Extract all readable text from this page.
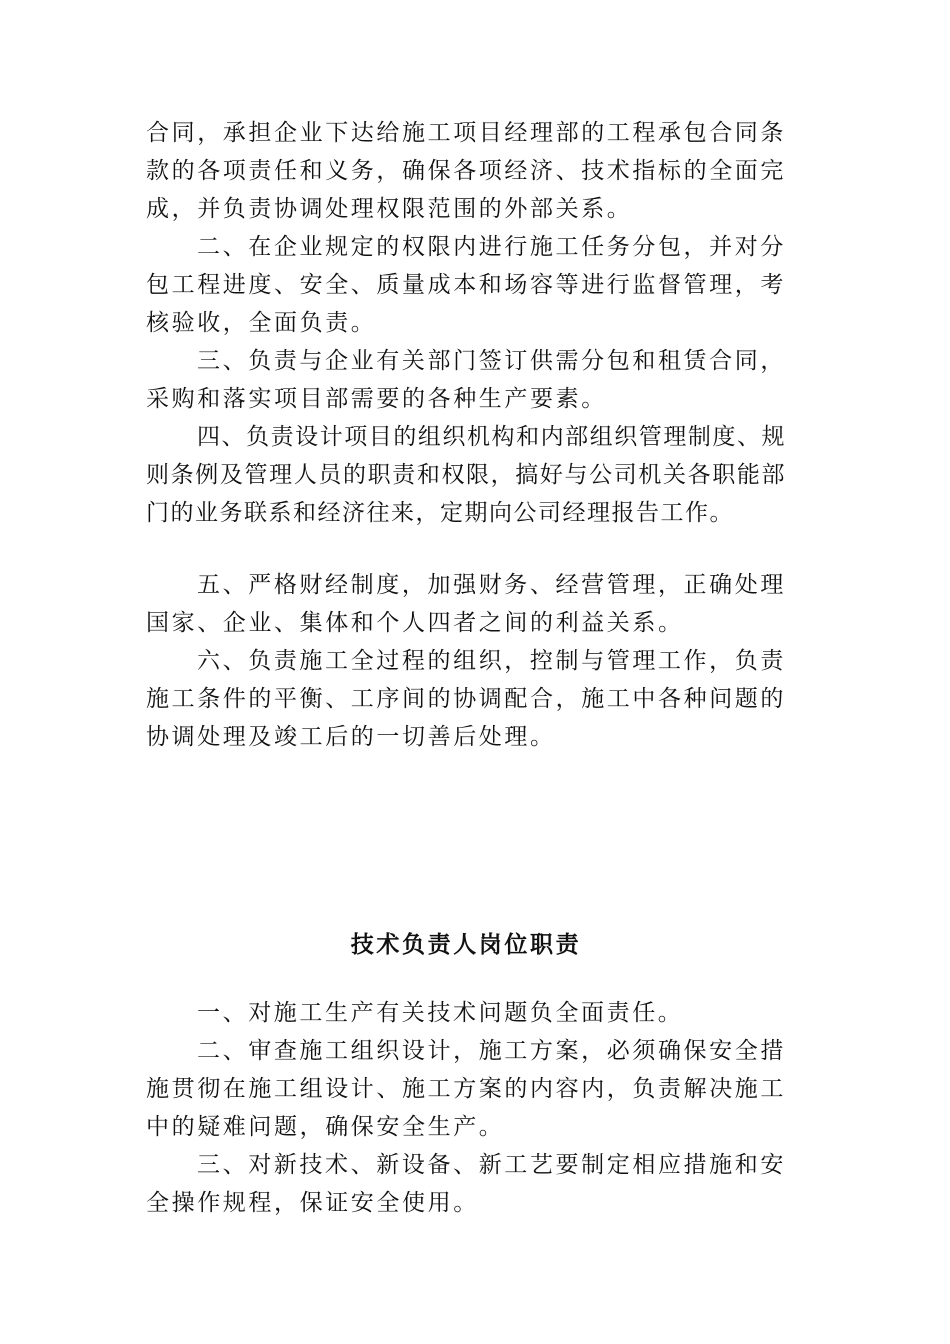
合同，承担企业下达给施工项目经理部的工程承包合同条款的各项责任和义务，确保各项经济、技术指标的全面完成，并负责协调处理权限范围的外部关系。

二、在企业规定的权限内进行施工任务分包，并对分包工程进度、安全、质量成本和场容等进行监督管理，考核验收，全面负责。

三、负责与企业有关部门签订供需分包和租赁合同，采购和落实项目部需要的各种生产要素。

四、负责设计项目的组织机构和内部组织管理制度、规则条例及管理人员的职责和权限，搞好与公司机关各职能部门的业务联系和经济往来，定期向公司经理报告工作。

五、严格财经制度，加强财务、经营管理，正确处理国家、企业、集体和个人四者之间的利益关系。

六、负责施工全过程的组织，控制与管理工作，负责施工条件的平衡、工序间的协调配合，施工中各种问题的协调处理及竣工后的一切善后处理。

技术负责人岗位职责

一、对施工生产有关技术问题负全面责任。

二、审查施工组织设计，施工方案，必须确保安全措施贯彻在施工组设计、施工方案的内容内，负责解决施工中的疑难问题，确保安全生产。

三、对新技术、新设备、新工艺要制定相应措施和安全操作规程，保证安全使用。
